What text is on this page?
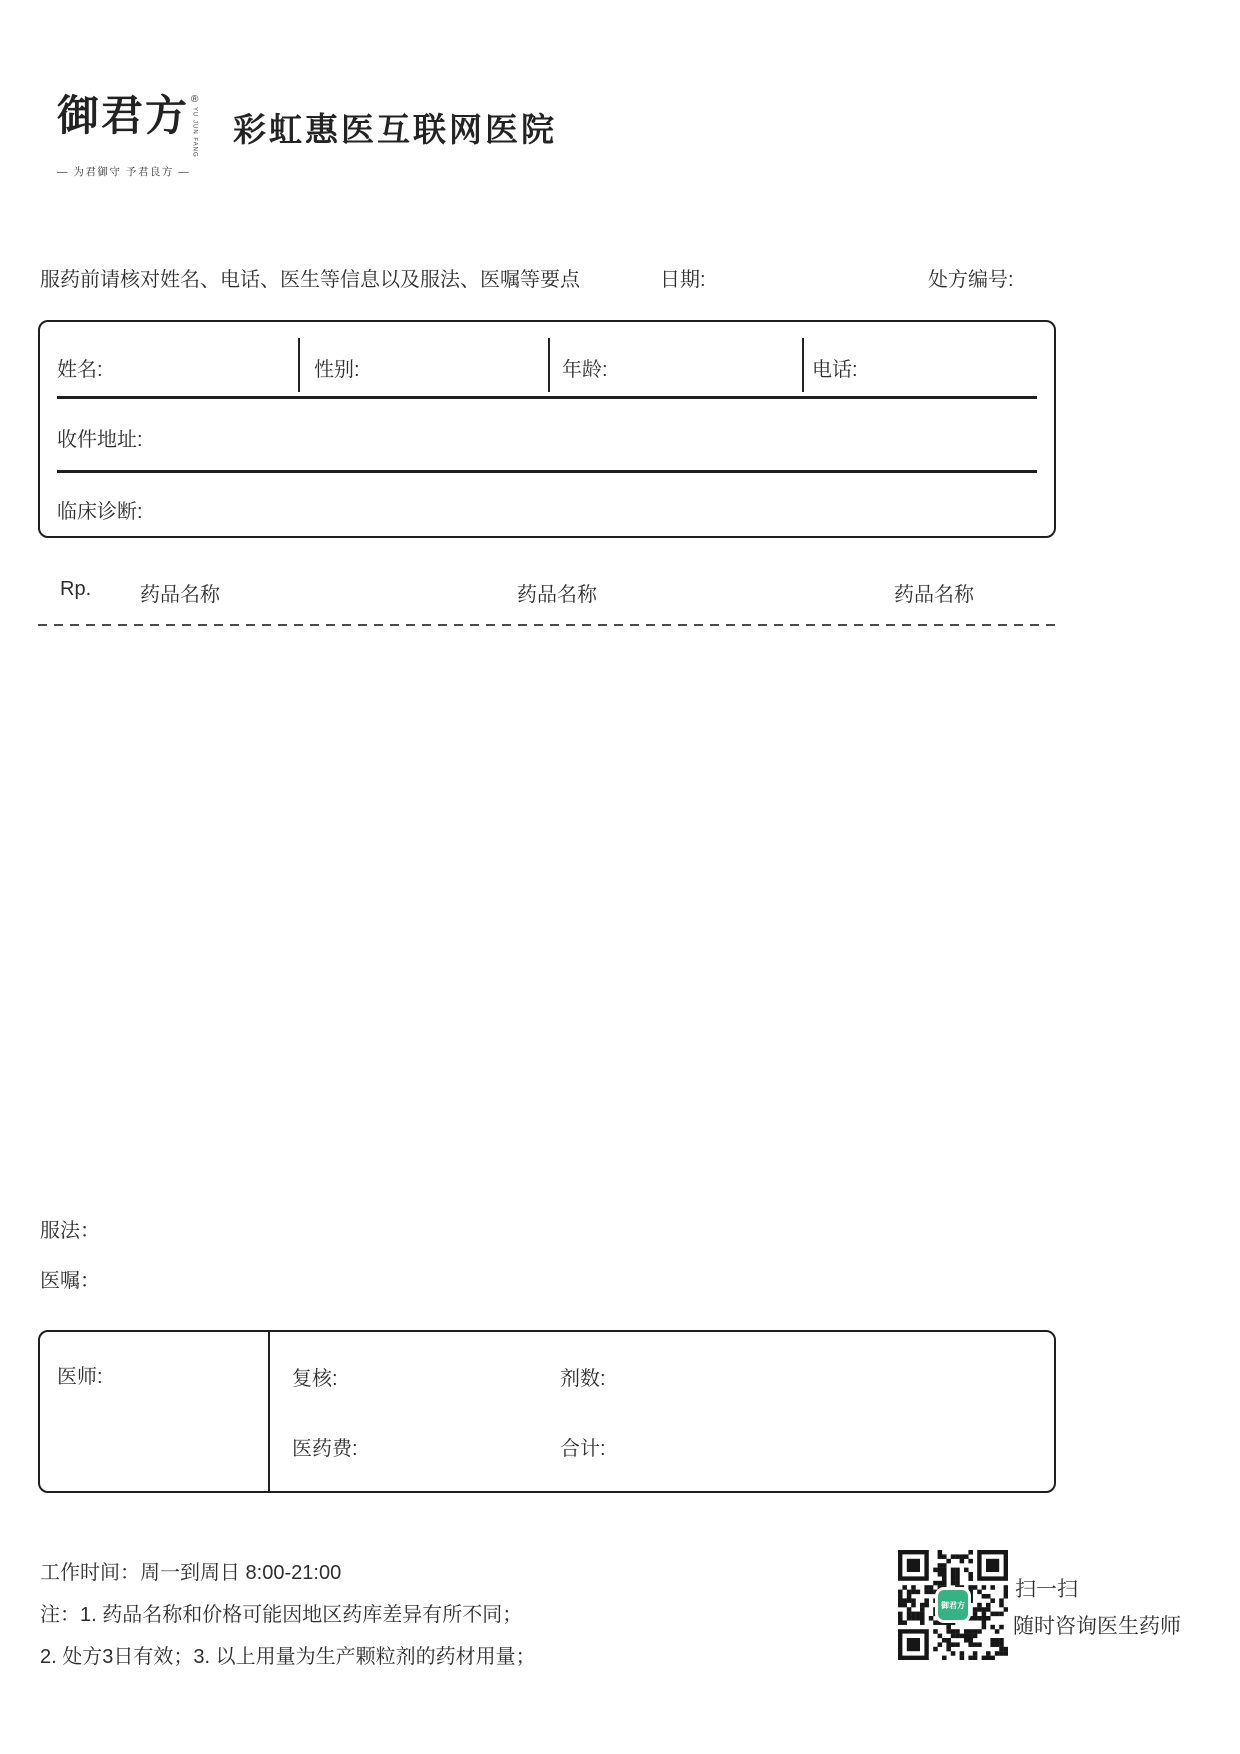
御君方 ®
YU JUN FANG
— 为君御守 予君良方 —
彩虹惠医互联网医院
服药前请核对姓名、电话、医生等信息以及服法、医嘱等要点	日期:	处方编号:
姓名:	性别:	年龄:	电话:
收件地址:
临床诊断:
Rp. 药品名称	药品名称	药品名称
服法：
医嘱：
医师:	复核:	剂数:
医药费:	合计:
工作时间：周一到周日 8:00-21:00
注：1. 药品名称和价格可能因地区药库差异有所不同；
2. 处方3日有效；3. 以上用量为生产颗粒剂的药材用量；
御君方
扫一扫
随时咨询医生药师
